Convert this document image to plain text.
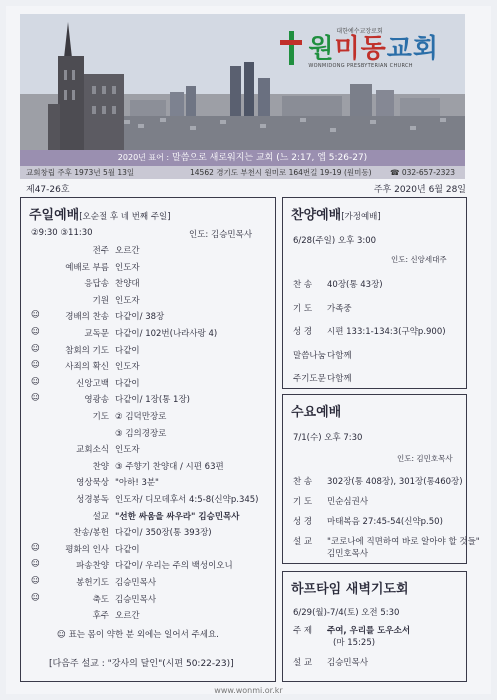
대한예수교장로회
원미동교회
WONMIDONG PRESBYTERIAN CHURCH
2020년 표어 : 말씀으로 새로워지는 교회 (느 2:17, 엡 5:26-27)
교회창립 주후 1973년 5월 13일	14562 경기도 부천시 원미로 164번길 19-19 (원미동) ☎ 032-657-2323
제47-26호	주후 2020년 6월 28일
주일예배[오순절 후 네 번째 주일]
②9:30 ③11:30	인도: 김승민목사
전주 오르간
예배로 부름 인도자
응답송 찬양대
기원 인도자
☺	경배의 찬송 다같이/ 38장
☺	교독문 다같이/ 102번(나라사랑 4)
☺	참회의 기도 다같이
☺	사죄의 확신 인도자
☺	신앙고백 다같이
☺	영광송 다같이/ 1장(통 1장)
기도 ② 김덕만장로
③ 김의경장로
교회소식 인도자
찬양 ③ 주향기 찬양대 / 시편 63편
영상묵상 "아하! 3분"
성경봉독 인도자/ 디모데후서 4:5-8(신약p.345)
설교 "선한 싸움을 싸우라" 김승민목사
찬송/봉헌 다같이/ 350장(통 393장)
☺	평화의 인사 다같이
☺	파송찬양 다같이/ 우리는 주의 백성이오니
☺	봉헌기도 김승민목사
☺	축도 김승민목사
후주 오르간
☺ 표는 몸이 약한 분 외에는 일어서 주세요.
[다음주 설교 : "강사의 달인"(시편 50:22-23)]
찬양예배[가정예배]
6/28(주일) 오후 3:00
인도: 신앙세대주
찬 송 40장(통 43장)
기 도 가족중
성 경 시편 133:1-134:3(구약p.900)
말씀나눔 다함께
주기도문 다함께
수요예배
7/1(수) 오후 7:30
인도: 김민호목사
찬 송 302장(통 408장), 301장(통460장)
기 도 민순심권사
성 경 마태복음 27:45-54(신약p.50)
설 교 "코로나에 직면하여 바로 알아야 할 것들"
김민호목사
하프타임 새벽기도회
6/29(월)-7/4(토) 오전 5:30
주 제 주여, 우리를 도우소서
(마 15:25)
설 교 김승민목사
www.wonmi.or.kr
